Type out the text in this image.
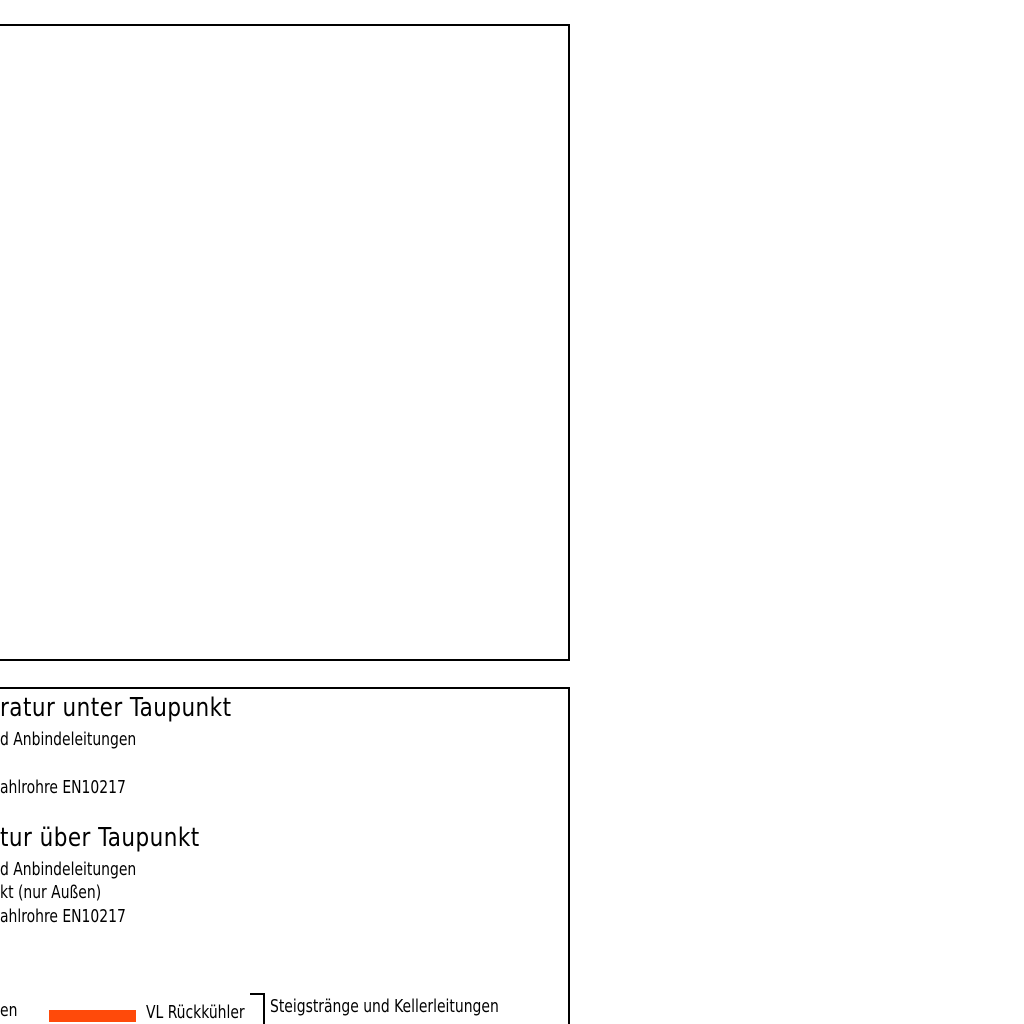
ratur unter Taupunkt
d Anbindeleitungen
ahlrohre EN10217
tur über Taupunkt
d Anbindeleitungen
kt (nur Außen)
ahlrohre EN10217
en	VL Rückkühler Steigstränge und Kellerleitungen
